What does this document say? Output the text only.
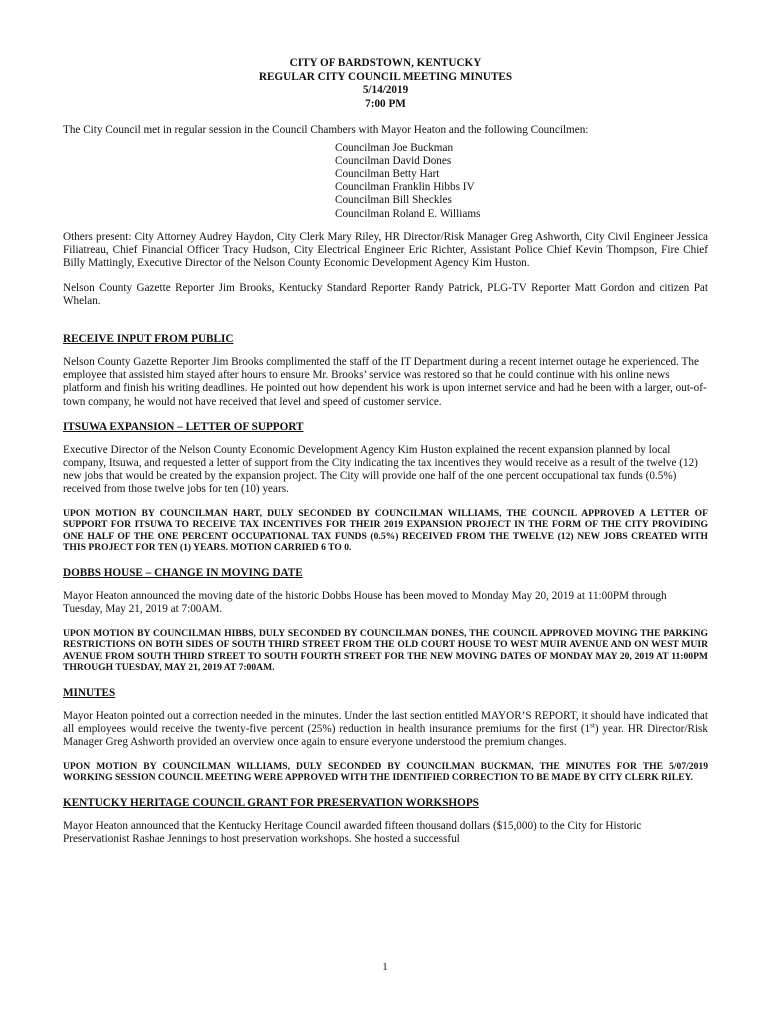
CITY OF BARDSTOWN, KENTUCKY
REGULAR CITY COUNCIL MEETING MINUTES
5/14/2019
7:00 PM

The City Council met in regular session in the Council Chambers with Mayor Heaton and the following Councilmen:

Councilman Joe Buckman
Councilman David Dones
Councilman Betty Hart
Councilman Franklin Hibbs IV
Councilman Bill Sheckles
Councilman Roland E. Williams

Others present: City Attorney Audrey Haydon, City Clerk Mary Riley, HR Director/Risk Manager Greg Ashworth, City Civil Engineer Jessica Filiatreau, Chief Financial Officer Tracy Hudson, City Electrical Engineer Eric Richter, Assistant Police Chief Kevin Thompson, Fire Chief Billy Mattingly, Executive Director of the Nelson County Economic Development Agency Kim Huston.

Nelson County Gazette Reporter Jim Brooks, Kentucky Standard Reporter Randy Patrick, PLG-TV Reporter Matt Gordon and citizen Pat Whelan.

RECEIVE INPUT FROM PUBLIC

Nelson County Gazette Reporter Jim Brooks complimented the staff of the IT Department during a recent internet outage he experienced. The employee that assisted him stayed after hours to ensure Mr. Brooks’ service was restored so that he could continue with his online news platform and finish his writing deadlines. He pointed out how dependent his work is upon internet service and had he been with a larger, out-of-town company, he would not have received that level and speed of customer service.

ITSUWA EXPANSION – LETTER OF SUPPORT

Executive Director of the Nelson County Economic Development Agency Kim Huston explained the recent expansion planned by local company, Itsuwa, and requested a letter of support from the City indicating the tax incentives they would receive as a result of the twelve (12) new jobs that would be created by the expansion project. The City will provide one half of the one percent occupational tax funds (0.5%) received from those twelve jobs for ten (10) years.

UPON MOTION BY COUNCILMAN HART, DULY SECONDED BY COUNCILMAN WILLIAMS, THE COUNCIL APPROVED A LETTER OF SUPPORT FOR ITSUWA TO RECEIVE TAX INCENTIVES FOR THEIR 2019 EXPANSION PROJECT IN THE FORM OF THE CITY PROVIDING ONE HALF OF THE ONE PERCENT OCCUPATIONAL TAX FUNDS (0.5%) RECEIVED FROM THE TWELVE (12) NEW JOBS CREATED WITH THIS PROJECT FOR TEN (1) YEARS. MOTION CARRIED 6 TO 0.

DOBBS HOUSE – CHANGE IN MOVING DATE

Mayor Heaton announced the moving date of the historic Dobbs House has been moved to Monday May 20, 2019 at 11:00PM through Tuesday, May 21, 2019 at 7:00AM.

UPON MOTION BY COUNCILMAN HIBBS, DULY SECONDED BY COUNCILMAN DONES, THE COUNCIL APPROVED MOVING THE PARKING RESTRICTIONS ON BOTH SIDES OF SOUTH THIRD STREET FROM THE OLD COURT HOUSE TO WEST MUIR AVENUE AND ON WEST MUIR AVENUE FROM SOUTH THIRD STREET TO SOUTH FOURTH STREET FOR THE NEW MOVING DATES OF MONDAY MAY 20, 2019 AT 11:00PM THROUGH TUESDAY, MAY 21, 2019 AT 7:00AM.

MINUTES

Mayor Heaton pointed out a correction needed in the minutes. Under the last section entitled MAYOR’S REPORT, it should have indicated that all employees would receive the twenty-five percent (25%) reduction in health insurance premiums for the first (1st) year. HR Director/Risk Manager Greg Ashworth provided an overview once again to ensure everyone understood the premium changes.

UPON MOTION BY COUNCILMAN WILLIAMS, DULY SECONDED BY COUNCILMAN BUCKMAN, THE MINUTES FOR THE 5/07/2019 WORKING SESSION COUNCIL MEETING WERE APPROVED WITH THE IDENTIFIED CORRECTION TO BE MADE BY CITY CLERK RILEY.

KENTUCKY HERITAGE COUNCIL GRANT FOR PRESERVATION WORKSHOPS

Mayor Heaton announced that the Kentucky Heritage Council awarded fifteen thousand dollars ($15,000) to the City for Historic Preservationist Rashae Jennings to host preservation workshops. She hosted a successful

1
